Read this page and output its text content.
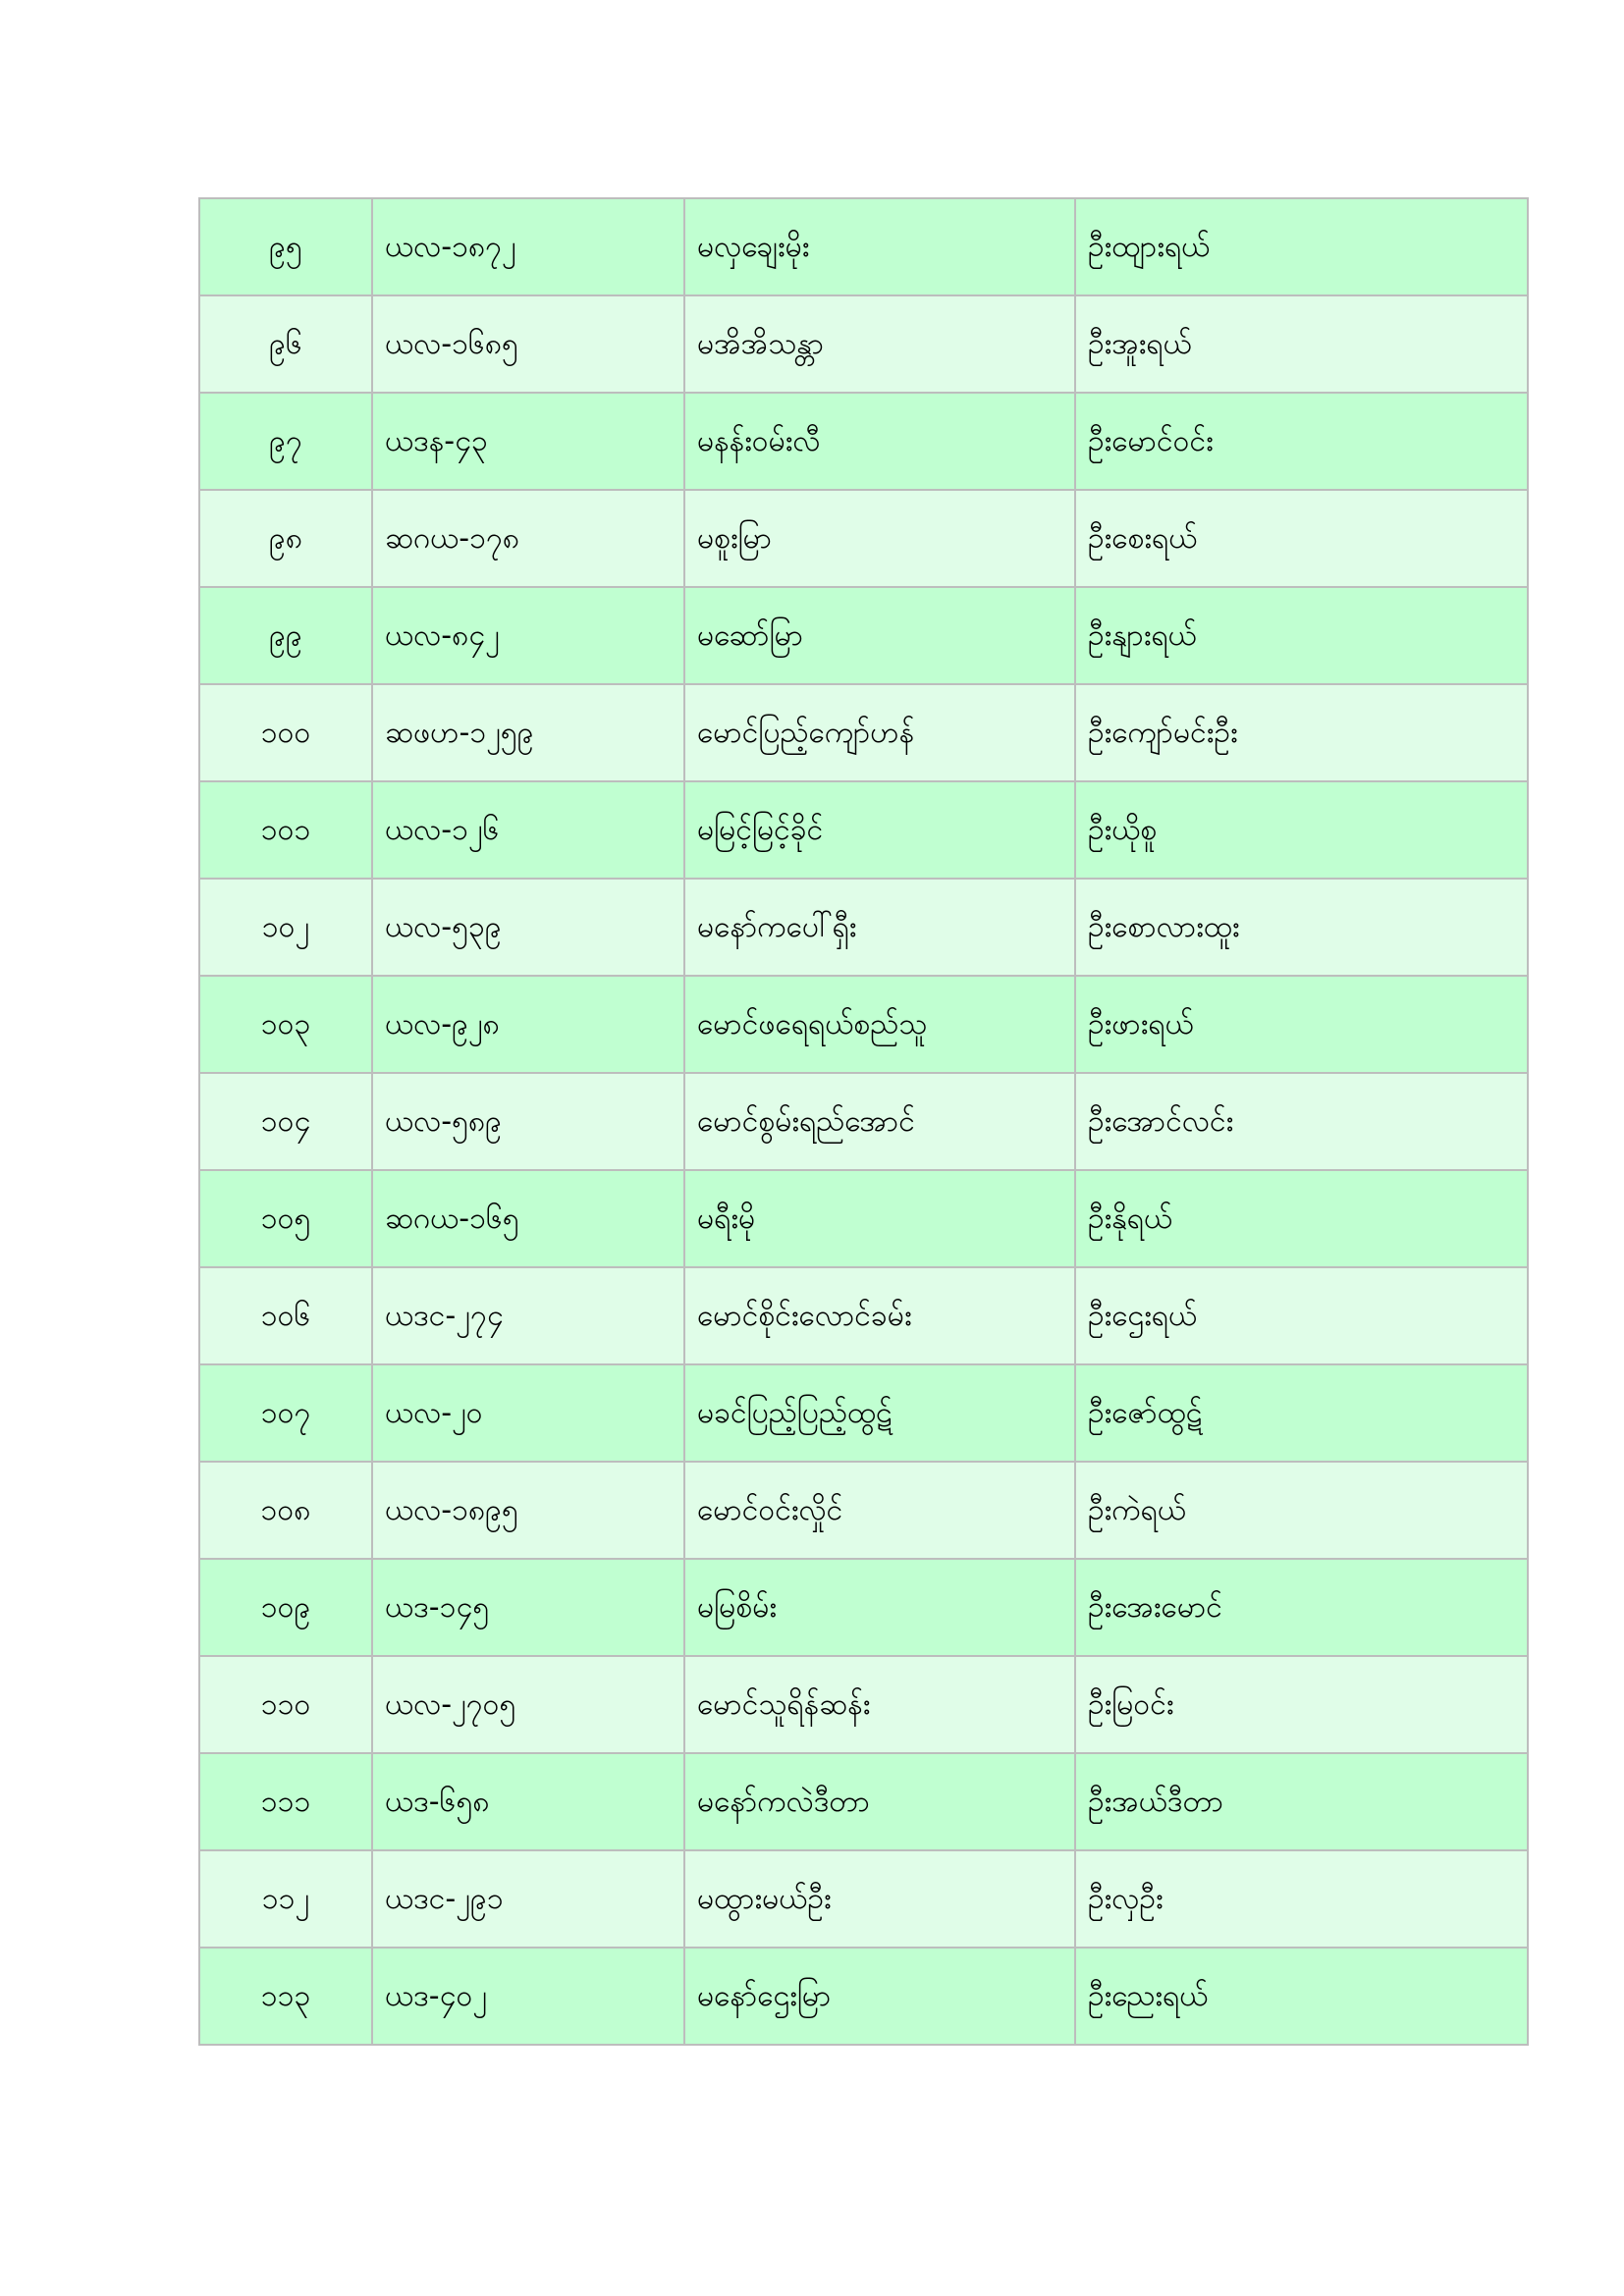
၉၅	ယလ-၁၈၇၂	မလှချေးမိုး	ဦးထျားရယ်
၉၆	ယလ-၁၆၈၅	မအိအိသန္တာ	ဦးအူးရယ်
၉၇	ယဒန-၄၃	မနန်းဝမ်းလီ	ဦးမောင်ဝင်း
၉၈	ဆဂယ-၁၇၈	မစူးမြာ	ဦးစေးရယ်
၉၉	ယလ-၈၄၂	မဆော်မြာ	ဦးနျားရယ်
၁၀၀	ဆဖဟ-၁၂၅၉	မောင်ပြည့်ကျော်ဟန်	ဦးကျော်မင်းဦး
၁၀၁	ယလ-၁၂၆	မမြင့်မြင့်ခိုင်	ဦးယိုစူ
၁၀၂	ယလ-၅၃၉	မနော်ကပေါ်ရှီး	ဦးစောလားထူး
၁၀၃	ယလ-၉၂၈	မောင်ဖရေရယ်စည်သူ	ဦးဖားရယ်
၁၀၄	ယလ-၅၈၉	မောင်စွမ်းရည်အောင်	ဦးအောင်လင်း
၁၀၅	ဆဂယ-၁၆၅	မရီးမို	ဦးနိုရယ်
၁၀၆	ယဒင-၂၇၄	မောင်စိုင်းလောင်ခမ်း	ဦးဌေးရယ်
၁၀၇	ယလ-၂၀	မခင်ပြည့်ပြည့်ထွဋ်	ဦးဇော်ထွဋ်
၁၀၈	ယလ-၁၈၉၅	မောင်ဝင်းလှိုင်	ဦးကဲရယ်
၁၀၉	ယဒ-၁၄၅	မမြစိမ်း	ဦးအေးမောင်
၁၁၀	ယလ-၂၇၀၅	မောင်သူရိန်ဆန်း	ဦးမြဝင်း
၁၁၁	ယဒ-၆၅၈	မနော်ကလဲဒီတာ	ဦးအယ်ဒီတာ
၁၁၂	ယဒင-၂၉၁	မထွားမယ်ဦး	ဦးလှဦး
၁၁၃	ယဒ-၄၀၂	မနော်ဌေးမြာ	ဦးညေးရယ်
